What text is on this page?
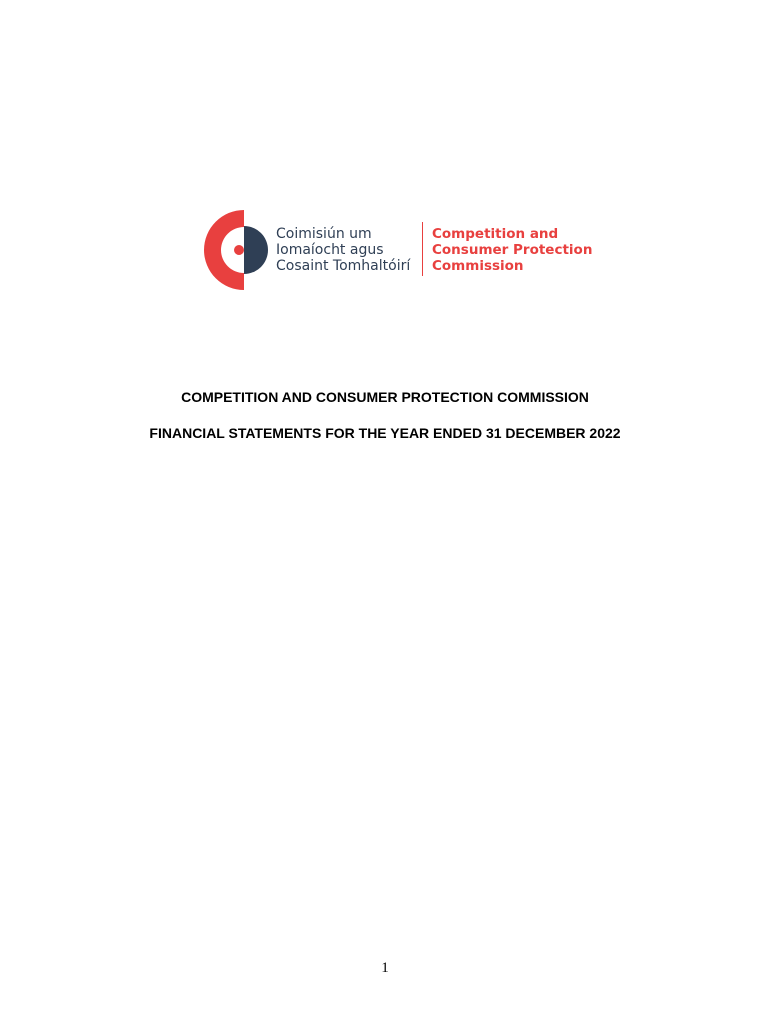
Coimisiún um
Iomaíocht agus
Cosaint Tomhaltóirí
Competition and
Consumer Protection
Commission
COMPETITION AND CONSUMER PROTECTION COMMISSION
FINANCIAL STATEMENTS FOR THE YEAR ENDED 31 DECEMBER 2022
1
